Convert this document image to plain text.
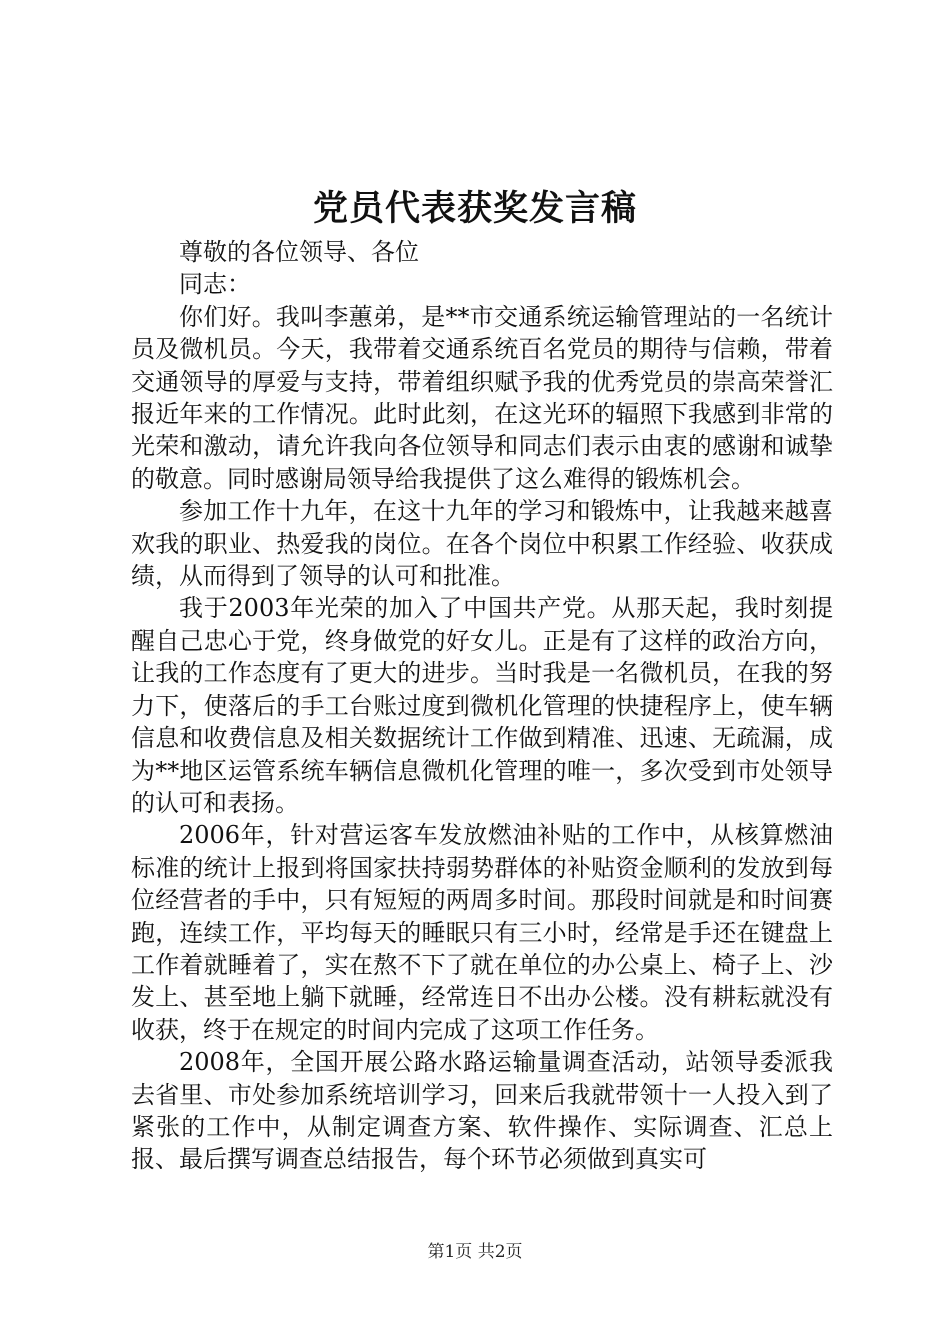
党员代表获奖发言稿

尊敬的各位领导、各位

同志：

你们好。我叫李蕙弟，是**市交通系统运输管理站的一名统计员及微机员。今天，我带着交通系统百名党员的期待与信赖，带着交通领导的厚爱与支持，带着组织赋予我的优秀党员的崇高荣誉汇报近年来的工作情况。此时此刻，在这光环的辐照下我感到非常的光荣和激动，请允许我向各位领导和同志们表示由衷的感谢和诚挚的敬意。同时感谢局领导给我提供了这么难得的锻炼机会。

参加工作十九年，在这十九年的学习和锻炼中，让我越来越喜欢我的职业、热爱我的岗位。在各个岗位中积累工作经验、收获成绩，从而得到了领导的认可和批准。

我于2003年光荣的加入了中国共产党。从那天起，我时刻提醒自己忠心于党，终身做党的好女儿。正是有了这样的政治方向，让我的工作态度有了更大的进步。当时我是一名微机员，在我的努力下，使落后的手工台账过度到微机化管理的快捷程序上，使车辆信息和收费信息及相关数据统计工作做到精准、迅速、无疏漏，成为**地区运管系统车辆信息微机化管理的唯一，多次受到市处领导的认可和表扬。

2006年，针对营运客车发放燃油补贴的工作中，从核算燃油标准的统计上报到将国家扶持弱势群体的补贴资金顺利的发放到每位经营者的手中，只有短短的两周多时间。那段时间就是和时间赛跑，连续工作，平均每天的睡眠只有三小时，经常是手还在键盘上工作着就睡着了，实在熬不下了就在单位的办公桌上、椅子上、沙发上、甚至地上躺下就睡，经常连日不出办公楼。没有耕耘就没有收获，终于在规定的时间内完成了这项工作任务。

2008年，全国开展公路水路运输量调查活动，站领导委派我去省里、市处参加系统培训学习，回来后我就带领十一人投入到了紧张的工作中，从制定调查方案、软件操作、实际调查、汇总上报、最后撰写调查总结报告，每个环节必须做到真实可

第1页 共2页
